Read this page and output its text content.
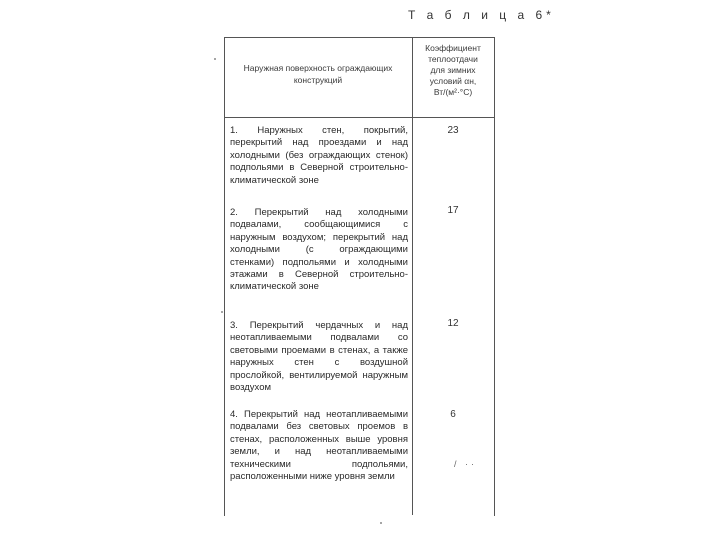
Т а б л и ц а 6*
Наружная поверхность ограждающих конструкций
Коэффициент
теплоотдачи
для зимних
условий αн,
Вт/(м²·°С)
1. Наружных стен, покрытий, перекрытий над проездами и над холодными (без ограждающих стенок) подпольями в Северной строительно-климатической зоне
23
2. Перекрытий над холодными подвалами, сообщающимися с наружным воздухом; перекрытий над холодными (с ограждающими стенками) подпольями и холодными этажами в Северной строительно-климатической зоне
17
3. Перекрытий чердачных и над неотапливаемыми подвалами со световыми проемами в стенах, а также наружных стен с воздушной прослойкой, вентилируемой наружным воздухом
12
4. Перекрытий над неотапливаемыми подвалами без световых проемов в стенах, расположенных выше уровня земли, и над неотапливаемыми техническими подпольями, расположенными ниже уровня земли
6
/ ··
